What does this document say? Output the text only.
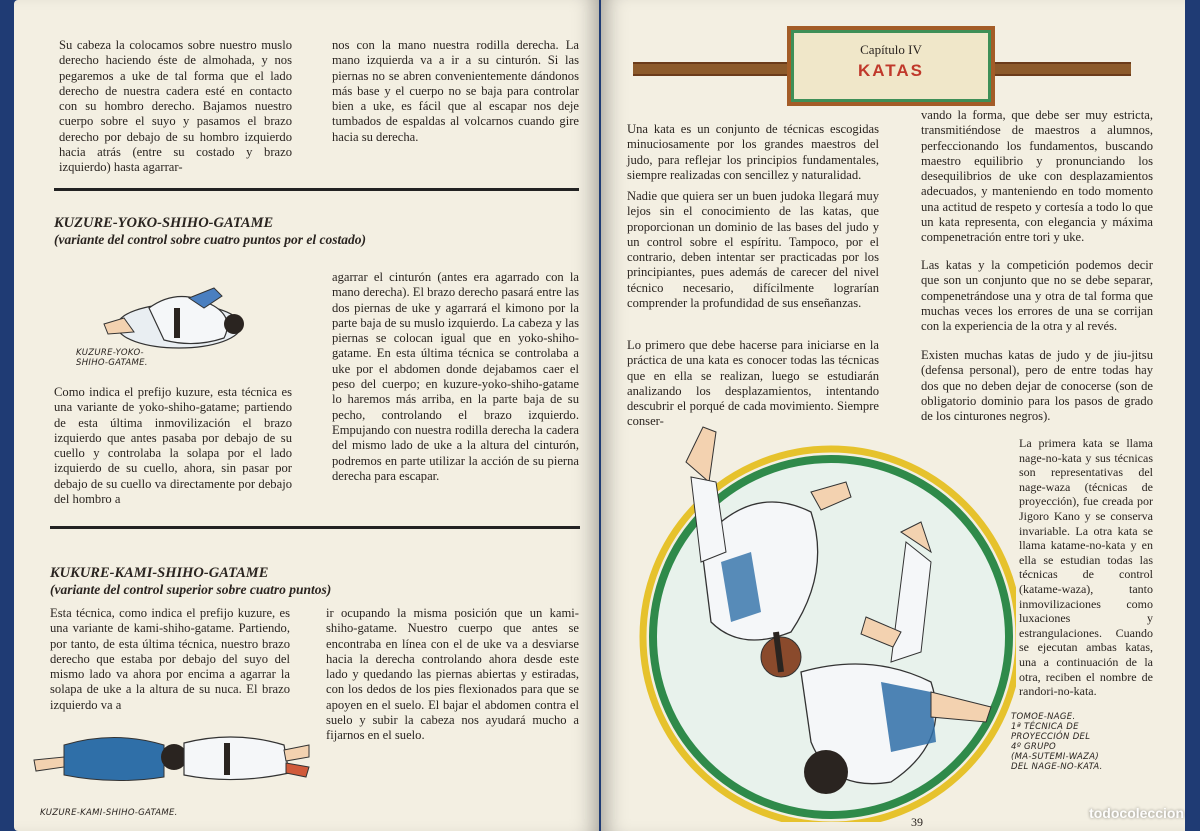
Su cabeza la colocamos sobre nuestro muslo derecho haciendo éste de almohada, y nos pegaremos a uke de tal forma que el lado derecho de nuestra cadera esté en contacto con su hombro derecho. Bajamos nuestro cuerpo sobre el suyo y pasamos el brazo derecho por debajo de su hombro izquierdo hacia atrás (entre su costado y brazo izquierdo) hasta agarrar-
nos con la mano nuestra rodilla derecha. La mano izquierda va a ir a su cinturón. Si las piernas no se abren convenientemente dándonos más base y el cuerpo no se baja para controlar bien a uke, es fácil que al escapar nos deje tumbados de espaldas al volcarnos cuando gire hacia su derecha.
KUZURE-YOKO-SHIHO-GATAME
(variante del control sobre cuatro puntos por el costado)
KUZURE-YOKO-SHIHO-GATAME.
Como indica el prefijo kuzure, esta técnica es una variante de yoko-shiho-gatame; partiendo de esta última inmovilización el brazo izquierdo que antes pasaba por debajo de su cuello y controlaba la solapa por el lado izquierdo de su cuello, ahora, sin pasar por debajo de su cuello va directamente por debajo del hombro a
agarrar el cinturón (antes era agarrado con la mano derecha). El brazo derecho pasará entre las dos piernas de uke y agarrará el kimono por la parte baja de su muslo izquierdo. La cabeza y las piernas se colocan igual que en yoko-shiho-gatame. En esta última técnica se controlaba a uke por el abdomen donde dejabamos caer el peso del cuerpo; en kuzure-yoko-shiho-gatame lo haremos más arriba, en la parte baja de su pecho, controlando el brazo izquierdo. Empujando con nuestra rodilla derecha la cadera del mismo lado de uke a la altura del cinturón, podremos en parte utilizar la acción de su pierna derecha para escapar.
KUKURE-KAMI-SHIHO-GATAME
(variante del control superior sobre cuatro puntos)
Esta técnica, como indica el prefijo kuzure, es una variante de kami-shiho-gatame. Partiendo, por tanto, de esta última técnica, nuestro brazo derecho que estaba por debajo del suyo del mismo lado va ahora por encima a agarrar la solapa de uke a la altura de su nuca. El brazo izquierdo va a
ir ocupando la misma posición que un kami-shiho-gatame. Nuestro cuerpo que antes se encontraba en línea con el de uke va a desviarse hacia la derecha controlando ahora desde este lado y quedando las piernas abiertas y estiradas, con los dedos de los pies flexionados para que se apoyen en el suelo. El bajar el abdomen contra el suelo y subir la cabeza nos ayudará mucho a fijarnos en el suelo.
KUZURE-KAMI-SHIHO-GATAME.
Capítulo IV
KATAS
Una kata es un conjunto de técnicas escogidas minuciosamente por los grandes maestros del judo, para reflejar los principios fundamentales, siempre realizadas con sencillez y naturalidad.
Nadie que quiera ser un buen judoka llegará muy lejos sin el conocimiento de las katas, que proporcionan un dominio de las bases del judo y un control sobre el espíritu. Tampoco, por el contrario, deben intentar ser practicadas por los principiantes, pues además de carecer del nivel técnico necesario, difícilmente lograrían comprender la profundidad de sus enseñanzas.
Lo primero que debe hacerse para iniciarse en la práctica de una kata es conocer todas las técnicas que en ella se realizan, luego se estudiarán analizando los desplazamientos, intentando descubrir el porqué de cada movimiento. Siempre conser-
vando la forma, que debe ser muy estricta, transmitiéndose de maestros a alumnos, perfeccionando los fundamentos, buscando maestro equilibrio y pronunciando los desequilibrios de uke con desplazamientos adecuados, y manteniendo en todo momento una actitud de respeto y cortesía a todo lo que un kata representa, con elegancia y máxima compenetración entre tori y uke.
Las katas y la competición podemos decir que son un conjunto que no se debe separar, compenetrándose una y otra de tal forma que muchas veces los errores de una se corrijan con la experiencia de la otra y al revés.
Existen muchas katas de judo y de jiu-jitsu (defensa personal), pero de entre todas hay dos que no deben dejar de conocerse (son de obligatorio dominio para los pasos de grado de los cinturones negros).
La primera kata se llama nage-no-kata y sus técnicas son representativas del nage-waza (técnicas de proyección), fue creada por Jigoro Kano y se conserva invariable. La otra kata se llama katame-no-kata y en ella se estudian todas las técnicas de control (katame-waza), tanto inmovilizaciones como luxaciones y estrangulaciones. Cuando se ejecutan ambas katas, una a continuación de la otra, reciben el nombre de randori-no-kata.
TOMOE-NAGE.
1ª TÉCNICA DE
PROYECCIÓN DEL
4º GRUPO
(MA-SUTEMI-WAZA)
DEL NAGE-NO-KATA.
39
todocoleccion
